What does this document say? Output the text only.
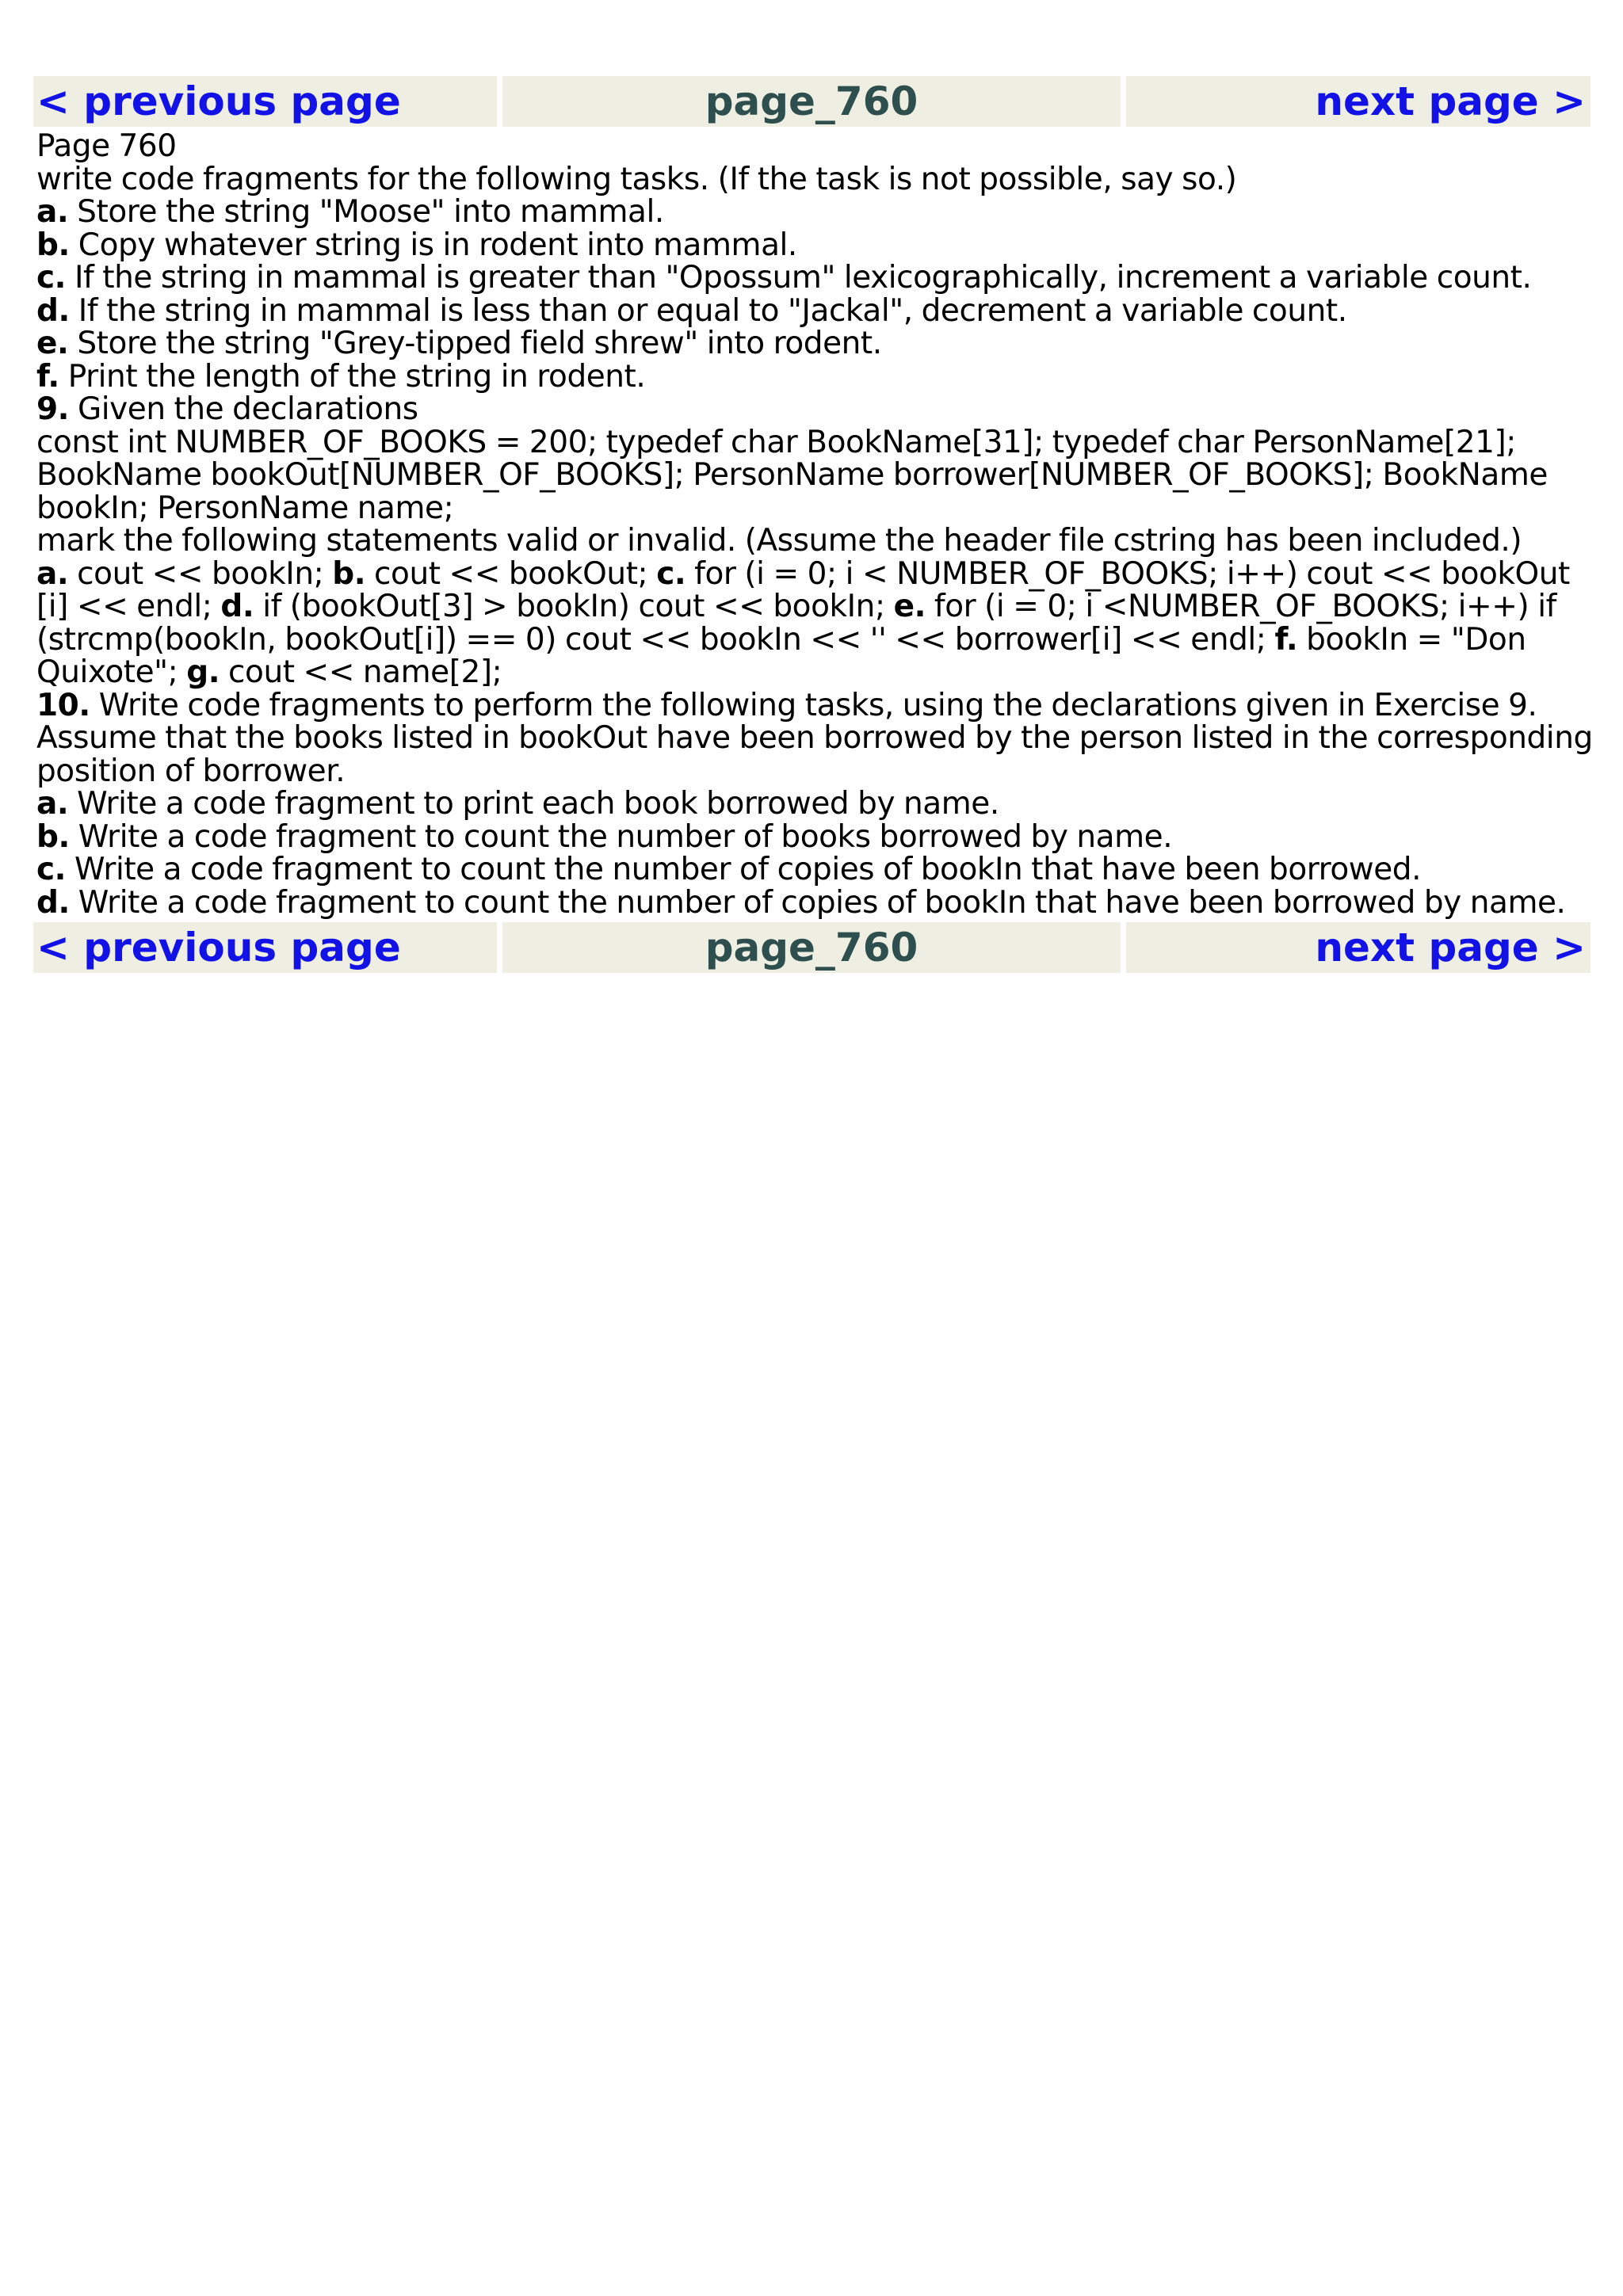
< previous page	page_760	next page >

Page 760

write code fragments for the following tasks. (If the task is not possible, say so.)

a. Store the string "Moose" into mammal.

b. Copy whatever string is in rodent into mammal.

c. If the string in mammal is greater than "Opossum" lexicographically, increment a variable count.

d. If the string in mammal is less than or equal to "Jackal", decrement a variable count.

e. Store the string "Grey-tipped field shrew" into rodent.

f. Print the length of the string in rodent.

9. Given the declarations

const int NUMBER_OF_BOOKS = 200; typedef char BookName[31]; typedef char PersonName[21]; BookName bookOut[NUMBER_OF_BOOKS]; PersonName borrower[NUMBER_OF_BOOKS]; BookName bookIn; PersonName name;

mark the following statements valid or invalid. (Assume the header file cstring has been included.)

a. cout << bookIn; b. cout << bookOut; c. for (i = 0; i < NUMBER_OF_BOOKS; i++) cout << bookOut [i] << endl; d. if (bookOut[3] > bookIn) cout << bookIn; e. for (i = 0; i <NUMBER_OF_BOOKS; i++) if (strcmp(bookIn, bookOut[i]) == 0) cout << bookIn << '' << borrower[i] << endl; f. bookIn = "Don Quixote"; g. cout << name[2];

10. Write code fragments to perform the following tasks, using the declarations given in Exercise 9. Assume that the books listed in bookOut have been borrowed by the person listed in the corresponding position of borrower.

a. Write a code fragment to print each book borrowed by name.

b. Write a code fragment to count the number of books borrowed by name.

c. Write a code fragment to count the number of copies of bookIn that have been borrowed.

d. Write a code fragment to count the number of copies of bookIn that have been borrowed by name.

< previous page	page_760	next page >
